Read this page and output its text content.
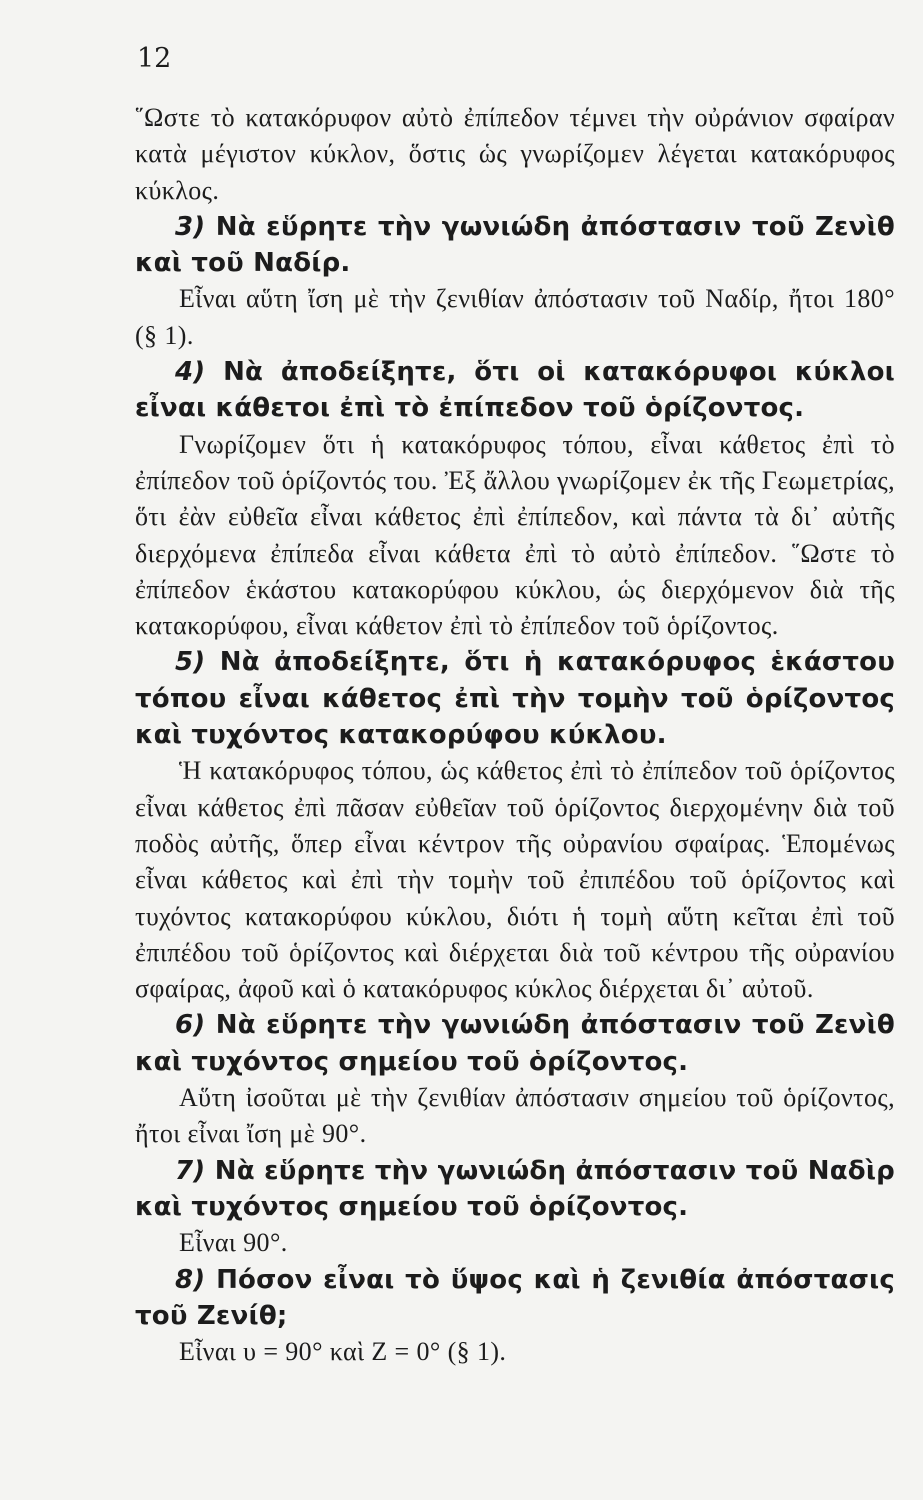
12

῞Ωστε τὸ κατακόρυφον αὐτὸ ἐπίπεδον τέμνει τὴν οὐράνιον σφαίραν κατὰ μέγιστον κύκλον, ὅστις ὡς γνωρίζομεν λέγεται κατακόρυφος κύκλος.

3) Νὰ εὕρητε τὴν γωνιώδη ἀπόστασιν τοῦ Ζενὶθ καὶ τοῦ Ναδίρ.

Εἶναι αὕτη ἴση μὲ τὴν ζενιθίαν ἀπόστασιν τοῦ Ναδίρ, ἤτοι 180° (§ 1).

4) Νὰ ἀποδείξητε, ὅτι οἱ κατακόρυφοι κύκλοι εἶναι κάθετοι ἐπὶ τὸ ἐπίπεδον τοῦ ὁρίζοντος.

Γνωρίζομεν ὅτι ἡ κατακόρυφος τόπου, εἶναι κάθετος ἐπὶ τὸ ἐπίπεδον τοῦ ὁρίζοντός του. Ἐξ ἄλλου γνωρίζομεν ἐκ τῆς Γεωμετρίας, ὅτι ἐὰν εὐθεῖα εἶναι κάθετος ἐπὶ ἐπίπεδον, καὶ πάντα τὰ δι᾽ αὐτῆς διερχόμενα ἐπίπεδα εἶναι κάθετα ἐπὶ τὸ αὐτὸ ἐπίπεδον. ῞Ωστε τὸ ἐπίπεδον ἑκάστου κατακορύφου κύκλου, ὡς διερχόμενον διὰ τῆς κατακορύφου, εἶναι κάθετον ἐπὶ τὸ ἐπίπεδον τοῦ ὁρίζοντος.

5) Νὰ ἀποδείξητε, ὅτι ἡ κατακόρυφος ἑκάστου τόπου εἶναι κάθετος ἐπὶ τὴν τομὴν τοῦ ὁρίζοντος καὶ τυχόντος κατακορύφου κύκλου.

Ἡ κατακόρυφος τόπου, ὡς κάθετος ἐπὶ τὸ ἐπίπεδον τοῦ ὁρίζοντος εἶναι κάθετος ἐπὶ πᾶσαν εὐθεῖαν τοῦ ὁρίζοντος διερχομένην διὰ τοῦ ποδὸς αὐτῆς, ὅπερ εἶναι κέντρον τῆς οὐρανίου σφαίρας. Ἑπομένως εἶναι κάθετος καὶ ἐπὶ τὴν τομὴν τοῦ ἐπιπέδου τοῦ ὁρίζοντος καὶ τυχόντος κατακορύφου κύκλου, διότι ἡ τομὴ αὕτη κεῖται ἐπὶ τοῦ ἐπιπέδου τοῦ ὁρίζοντος καὶ διέρχεται διὰ τοῦ κέντρου τῆς οὐρανίου σφαίρας, ἀφοῦ καὶ ὁ κατακόρυφος κύκλος διέρχεται δι᾽ αὐτοῦ.

6) Νὰ εὕρητε τὴν γωνιώδη ἀπόστασιν τοῦ Ζενὶθ καὶ τυχόντος σημείου τοῦ ὁρίζοντος.

Αὕτη ἰσοῦται μὲ τὴν ζενιθίαν ἀπόστασιν σημείου τοῦ ὁρίζοντος, ἤτοι εἶναι ἴση μὲ 90°.

7) Νὰ εὕρητε τὴν γωνιώδη ἀπόστασιν τοῦ Ναδὶρ καὶ τυχόντος σημείου τοῦ ὁρίζοντος.

Εἶναι 90°.

8) Πόσον εἶναι τὸ ὕψος καὶ ἡ ζενιθία ἀπόστασις τοῦ Ζενίθ;

Εἶναι υ = 90° καὶ Ζ = 0° (§ 1).
